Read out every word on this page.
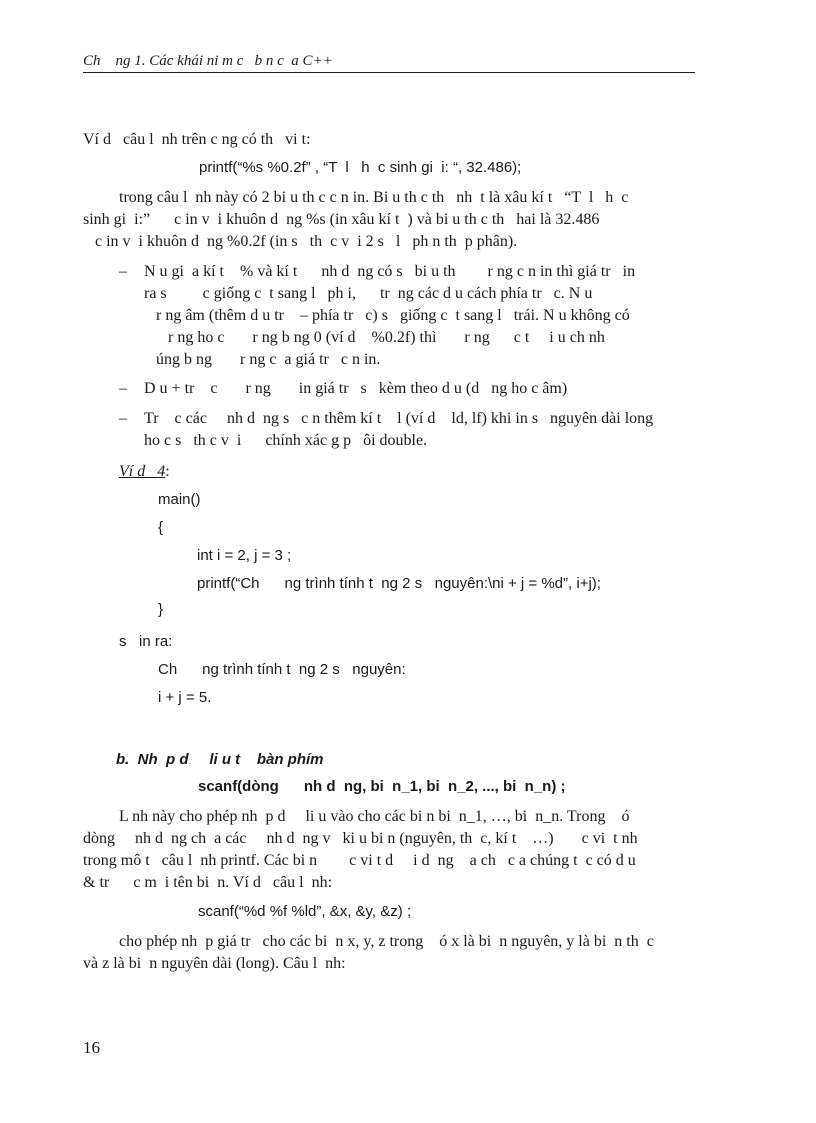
Ch    ng 1. Các khái ni m c   b n c  a C++
Ví d   câu l  nh trên c ng có th   vi t:
printf(“%s %0.2f” , “T  l   h  c sinh gi  i: “, 32.486);
trong câu l  nh này có 2 bi u th c c n in. Bi u th c th   nh  t là xâu kí t   “T  l   h  c
sinh gi  i:”      c in v  i khuôn d  ng %s (in xâu kí t  ) và bi u th c th   hai là 32.486
c in v  i khuôn d  ng %0.2f (in s   th  c v  i 2 s   l   ph n th  p phân).
– N u gi  a kí t    % và kí t      nh d  ng có s   bi u th        r ng c n in thì giá tr   in
ra s         c giống c  t sang l   ph i,      tr  ng các d u cách phía tr   c. N u
r ng âm (thêm d u tr    – phía tr   c) s   giống c  t sang l   trái. N u không có
r ng ho c       r ng b ng 0 (ví d    %0.2f) thì       r ng      c t     i u ch nh
úng b ng       r ng c  a giá tr   c n in.
– D u + tr    c       r ng       in giá tr   s   kèm theo d u (d   ng ho c âm)
– Tr    c các     nh d  ng s   c n thêm kí t    l (ví d    ld, lf) khi in s   nguyên dài long
ho c s   th c v  i      chính xác g p   ôi double.
Ví d   4:
main()
{
int i = 2, j = 3 ;
printf(“Ch      ng trình tính t  ng 2 s   nguyên:\ni + j = %d”, i+j);
}
s   in ra:
Ch      ng trình tính t  ng 2 s   nguyên:
i + j = 5.
b.  Nh  p d     li u t    bàn phím
scanf(dòng      nh d  ng, bi  n_1, bi  n_2, ..., bi  n_n) ;
L nh này cho phép nh  p d     li u vào cho các bi n bi  n_1, …, bi  n_n. Trong    ó
dòng     nh d  ng ch  a các     nh d  ng v   ki u bi n (nguyên, th  c, kí t    …)       c vi  t nh
trong mô t   câu l  nh printf. Các bi n        c vi t d     i d  ng    a ch   c a chúng t  c có d u
& tr      c m  i tên bi  n. Ví d   câu l  nh:
scanf(“%d %f %ld”, &x, &y, &z) ;
cho phép nh  p giá tr   cho các bi  n x, y, z trong    ó x là bi  n nguyên, y là bi  n th  c
và z là bi  n nguyên dài (long). Câu l  nh:
16
